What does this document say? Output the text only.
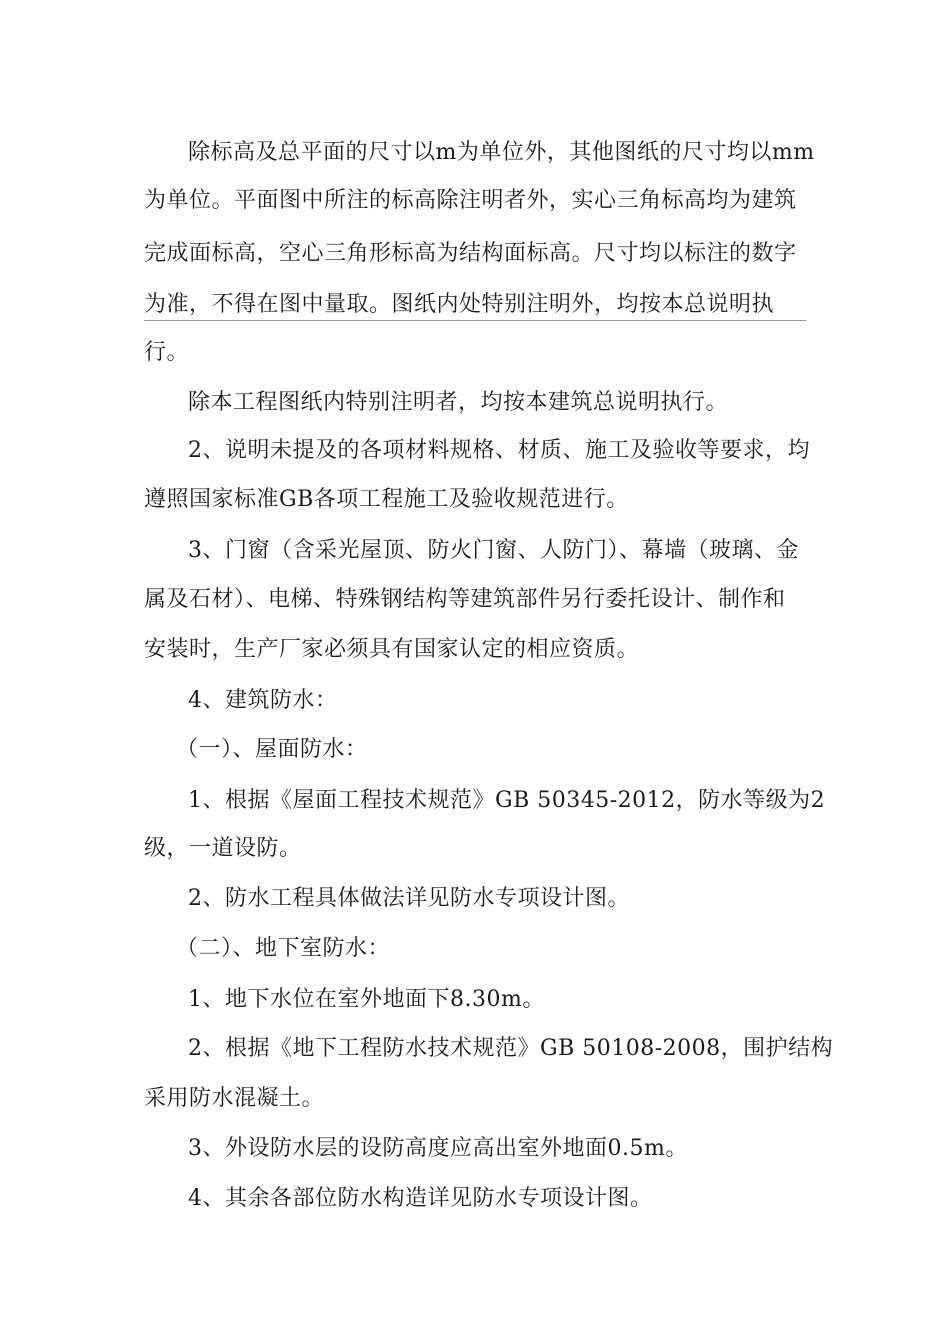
除标高及总平面的尺寸以m为单位外，其他图纸的尺寸均以mm
为单位。平面图中所注的标高除注明者外，实心三角标高均为建筑
完成面标高，空心三角形标高为结构面标高。尺寸均以标注的数字
为准，不得在图中量取。图纸内处特别注明外，均按本总说明执
行。
除本工程图纸内特别注明者，均按本建筑总说明执行。
2、说明未提及的各项材料规格、材质、施工及验收等要求，均
遵照国家标准GB各项工程施工及验收规范进行。
3、门窗（含采光屋顶、防火门窗、人防门）、幕墙（玻璃、金
属及石材）、电梯、特殊钢结构等建筑部件另行委托设计、制作和
安装时，生产厂家必须具有国家认定的相应资质。
4、建筑防水：
（一）、屋面防水：
1、根据《屋面工程技术规范》GB 50345-2012，防水等级为2
级，一道设防。
2、防水工程具体做法详见防水专项设计图。
（二）、地下室防水：
1、地下水位在室外地面下8.30m。
2、根据《地下工程防水技术规范》GB 50108-2008，围护结构
采用防水混凝土。
3、外设防水层的设防高度应高出室外地面0.5m。
4、其余各部位防水构造详见防水专项设计图。
